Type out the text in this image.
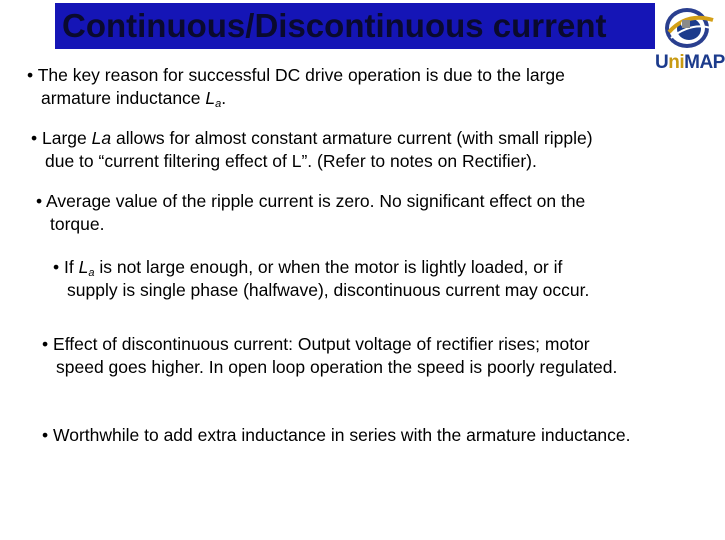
Continuous/Discontinuous current
UniMAP
• The key reason for successful DC drive operation is due to the large
armature inductance $L_a$.
• Large La allows for almost constant armature current (with small ripple)
due to “current filtering effect of L”. (Refer to notes on Rectifier).
• Average value of the ripple current is zero. No significant effect on the
torque.
• If $L_a$ is not large enough, or when the motor is lightly loaded, or if
supply is single phase (halfwave), discontinuous current may occur.
• Effect of discontinuous current: Output voltage of rectifier rises; motor
speed goes higher. In open loop operation the speed is poorly regulated.
• Worthwhile to add extra inductance in series with the armature inductance.
